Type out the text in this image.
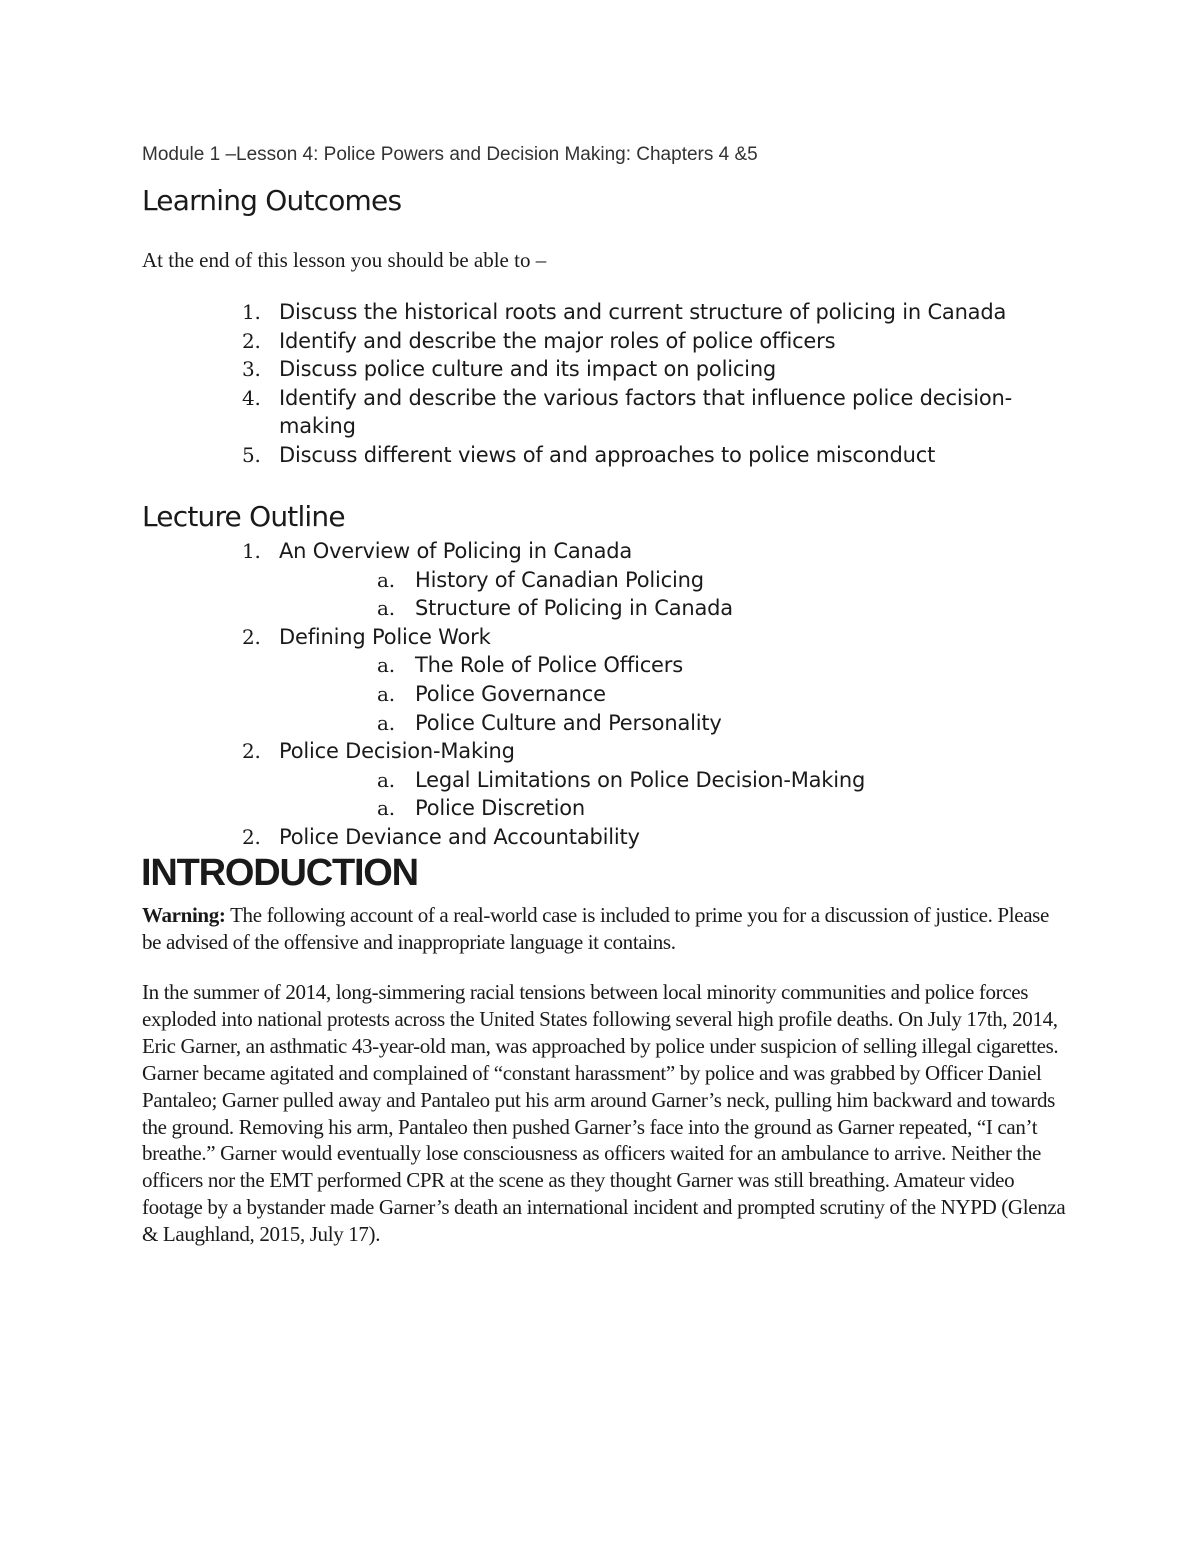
Module 1 –Lesson 4: Police Powers and Decision Making: Chapters 4 &5
Learning Outcomes
At the end of this lesson you should be able to –
1. Discuss the historical roots and current structure of policing in Canada
2. Identify and describe the major roles of police officers
3. Discuss police culture and its impact on policing
4. Identify and describe the various factors that influence police decision-making
5. Discuss different views of and approaches to police misconduct
Lecture Outline
1. An Overview of Policing in Canada
a. History of Canadian Policing
a. Structure of Policing in Canada
2. Defining Police Work
a. The Role of Police Officers
a. Police Governance
a. Police Culture and Personality
2. Police Decision-Making
a. Legal Limitations on Police Decision-Making
a. Police Discretion
2. Police Deviance and Accountability
INTRODUCTION

Warning: The following account of a real-world case is included to prime you for a discussion of justice. Please be advised of the offensive and inappropriate language it contains.

In the summer of 2014, long-simmering racial tensions between local minority communities and police forces exploded into national protests across the United States following several high profile deaths. On July 17th, 2014, Eric Garner, an asthmatic 43-year-old man, was approached by police under suspicion of selling illegal cigarettes. Garner became agitated and complained of “constant harassment” by police and was grabbed by Officer Daniel Pantaleo; Garner pulled away and Pantaleo put his arm around Garner’s neck, pulling him backward and towards the ground. Removing his arm, Pantaleo then pushed Garner’s face into the ground as Garner repeated, “I can’t breathe.” Garner would eventually lose consciousness as officers waited for an ambulance to arrive. Neither the officers nor the EMT performed CPR at the scene as they thought Garner was still breathing. Amateur video footage by a bystander made Garner’s death an international incident and prompted scrutiny of the NYPD (Glenza & Laughland, 2015, July 17).
